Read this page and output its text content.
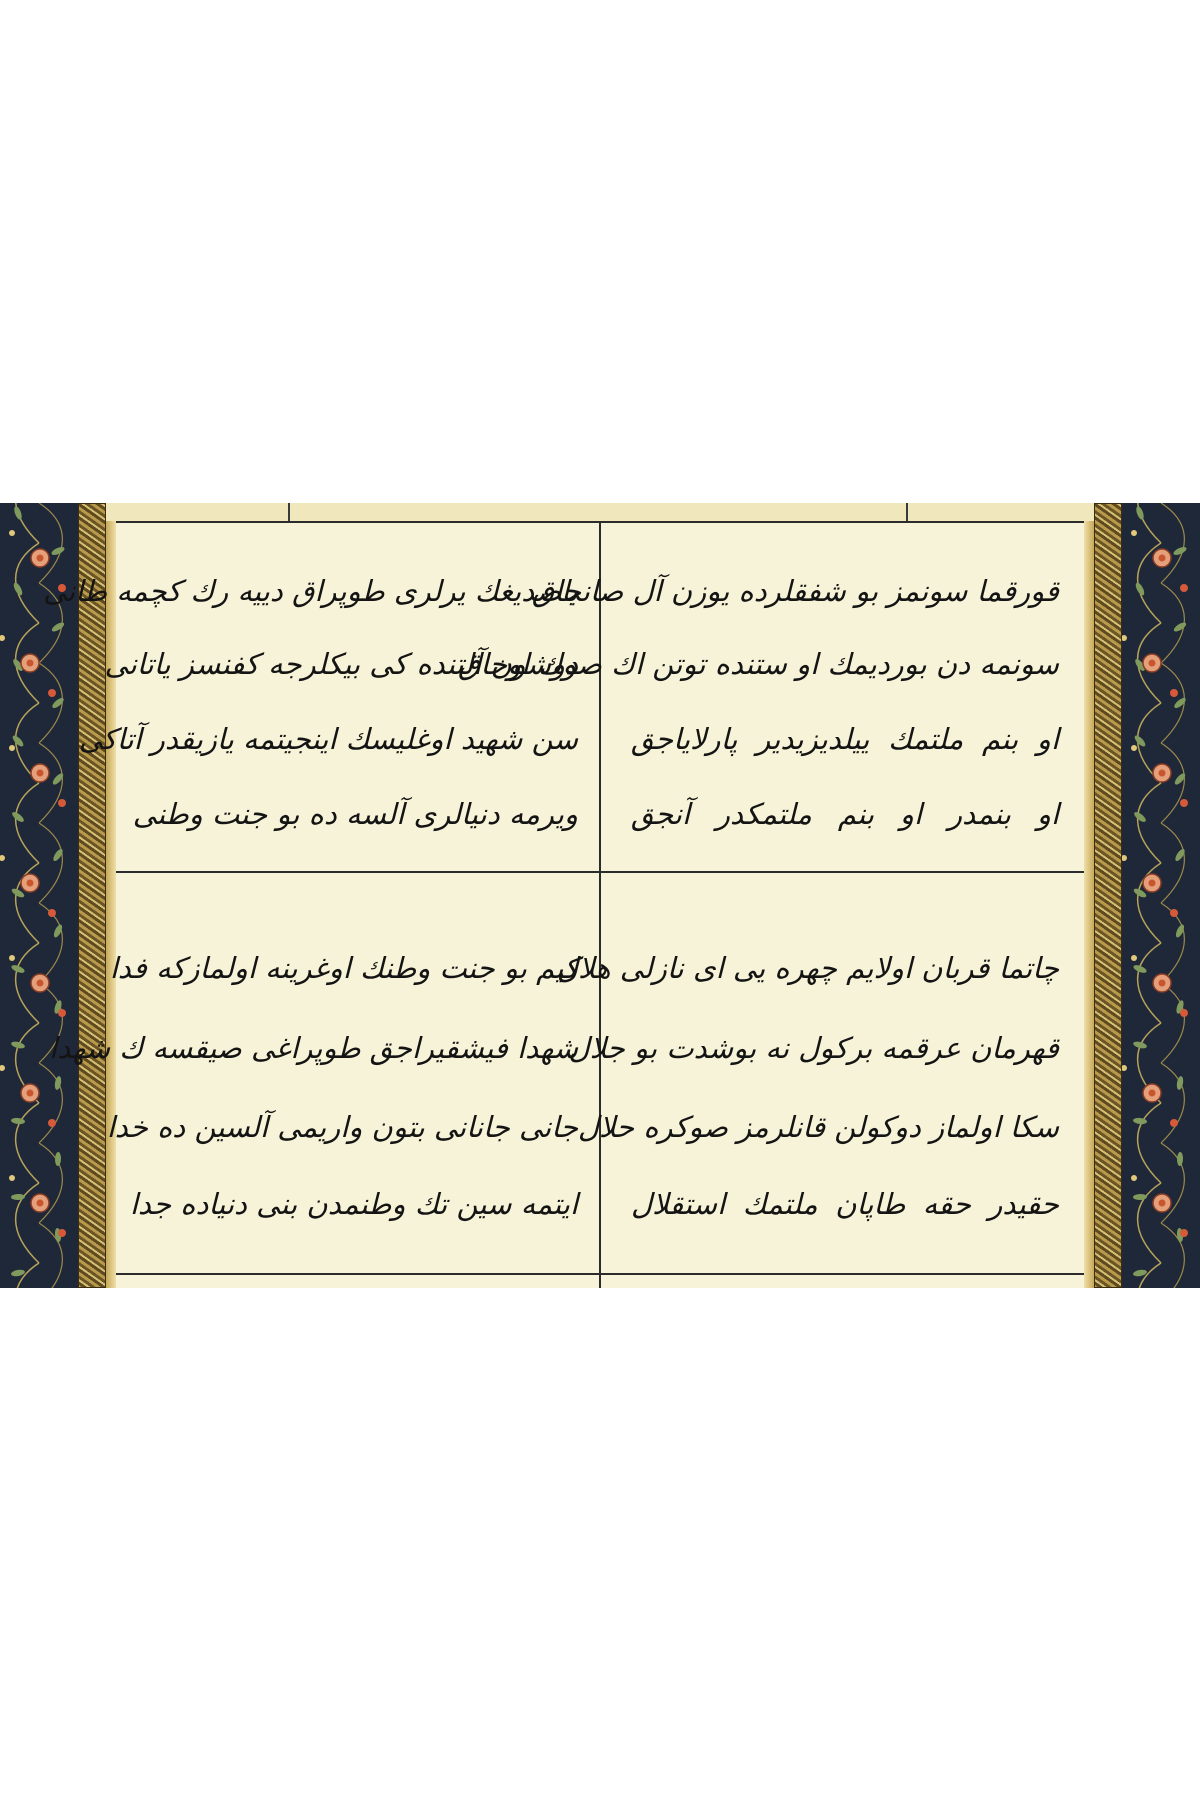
قورقما سونمز بو شفقلرده یوزن آل صانجاق
سونمه دن بوردیمك او ستنده توتن اك صوك اوجاق
او بنم ملتمك ییلدیزیدیر پارلایاجق
او بنمدر او بنم ملتمكدر آنجق
چاتما قربان اولایم چهره یی ای نازلی هلال
قهرمان عرقمه بركول نه بوشدت بو جلال
سكا اولماز دوكولن قانلرمز صوكره حلال
حقیدر حقه طاپان ملتمك استقلال
باصدیغك یرلری طوپراق دییه رك كچمه طانی
دوشون آلتنده كی بیكلرجه كفنسز یاتانی
سن شهید اوغلیسك اینجیتمه یازیقدر آتاكی
ویرمه دنیالری آلسه ده بو جنت وطنی
كیم بو جنت وطنك اوغرینه اولمازكه فدا
شهدا فیشقیراجق طوپراغی صیقسه ك شهدا
جانی جانانی بتون واریمی آلسین ده خدا
ایتمه سین تك وطنمدن بنی دنیاده جدا
